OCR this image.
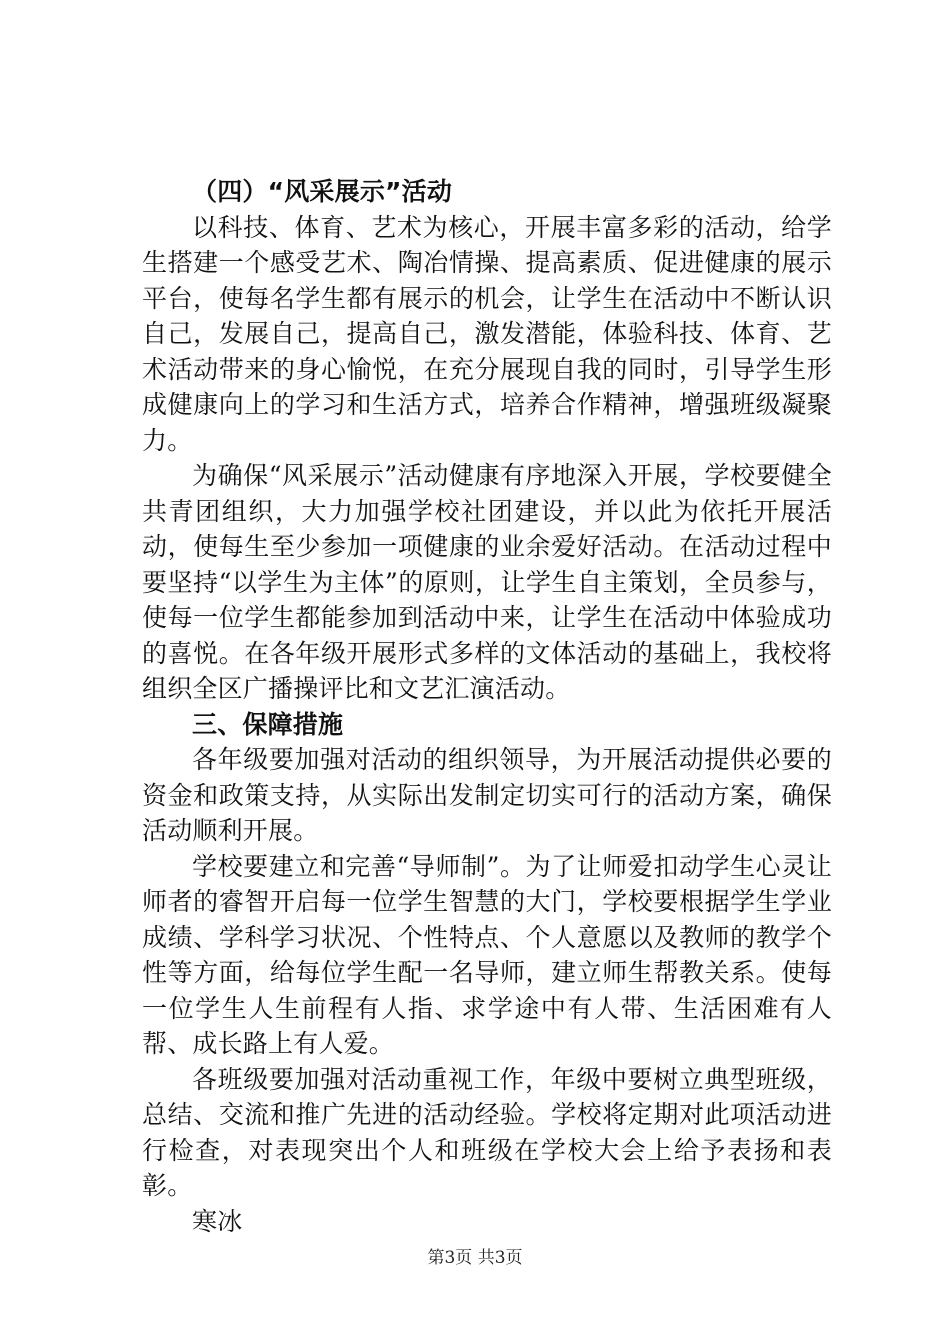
（四）“风采展示”活动

以科技、体育、艺术为核心，开展丰富多彩的活动，给学生搭建一个感受艺术、陶冶情操、提高素质、促进健康的展示平台，使每名学生都有展示的机会，让学生在活动中不断认识自己，发展自己，提高自己，激发潜能，体验科技、体育、艺术活动带来的身心愉悦，在充分展现自我的同时，引导学生形成健康向上的学习和生活方式，培养合作精神，增强班级凝聚力。

为确保“风采展示”活动健康有序地深入开展，学校要健全共青团组织，大力加强学校社团建设，并以此为依托开展活动，使每生至少参加一项健康的业余爱好活动。在活动过程中要坚持“以学生为主体”的原则，让学生自主策划，全员参与，使每一位学生都能参加到活动中来，让学生在活动中体验成功的喜悦。在各年级开展形式多样的文体活动的基础上，我校将组织全区广播操评比和文艺汇演活动。

三、保障措施

各年级要加强对活动的组织领导，为开展活动提供必要的资金和政策支持，从实际出发制定切实可行的活动方案，确保活动顺利开展。

学校要建立和完善“导师制”。为了让师爱扣动学生心灵让师者的睿智开启每一位学生智慧的大门，学校要根据学生学业成绩、学科学习状况、个性特点、个人意愿以及教师的教学个性等方面，给每位学生配一名导师，建立师生帮教关系。使每一位学生人生前程有人指、求学途中有人带、生活困难有人帮、成长路上有人爱。

各班级要加强对活动重视工作，年级中要树立典型班级，总结、交流和推广先进的活动经验。学校将定期对此项活动进行检查，对表现突出个人和班级在学校大会上给予表扬和表彰。

寒冰

第3页 共3页
